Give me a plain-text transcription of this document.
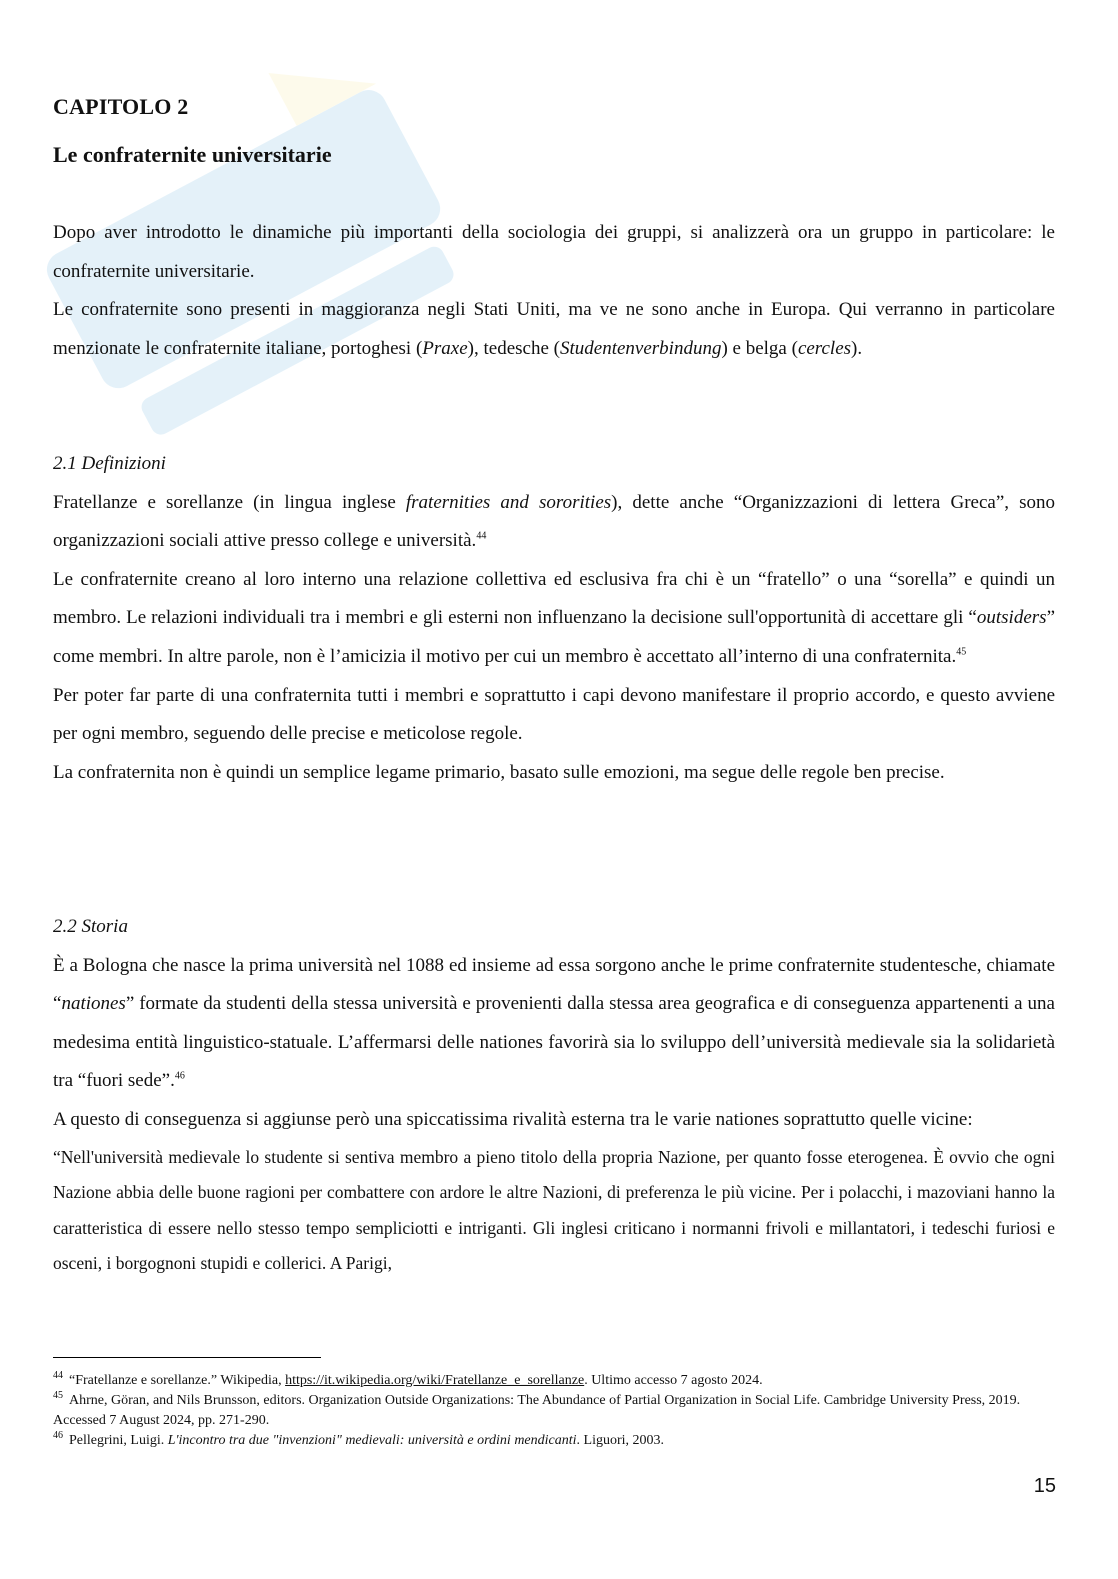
CAPITOLO 2
Le confraternite universitarie

Dopo aver introdotto le dinamiche più importanti della sociologia dei gruppi, si analizzerà ora un gruppo in particolare: le confraternite universitarie.

Le confraternite sono presenti in maggioranza negli Stati Uniti, ma ve ne sono anche in Europa. Qui verranno in particolare menzionate le confraternite italiane, portoghesi (Praxe), tedesche (Studentenverbindung) e belga (cercles).

2.1 Definizioni

Fratellanze e sorellanze (in lingua inglese fraternities and sororities), dette anche “Organizzazioni di lettera Greca”, sono organizzazioni sociali attive presso college e università.$^{44}$

Le confraternite creano al loro interno una relazione collettiva ed esclusiva fra chi è un “fratello” o una “sorella” e quindi un membro. Le relazioni individuali tra i membri e gli esterni non influenzano la decisione sull'opportunità di accettare gli “outsiders” come membri. In altre parole, non è l’amicizia il motivo per cui un membro è accettato all’interno di una confraternita.$^{45}$

Per poter far parte di una confraternita tutti i membri e soprattutto i capi devono manifestare il proprio accordo, e questo avviene per ogni membro, seguendo delle precise e meticolose regole.

La confraternita non è quindi un semplice legame primario, basato sulle emozioni, ma segue delle regole ben precise.

2.2 Storia

È a Bologna che nasce la prima università nel 1088 ed insieme ad essa sorgono anche le prime confraternite studentesche, chiamate “nationes” formate da studenti della stessa università e provenienti dalla stessa area geografica e di conseguenza appartenenti a una medesima entità linguistico-statuale. L’affermarsi delle nationes favorirà sia lo sviluppo dell’università medievale sia la solidarietà tra “fuori sede”.$^{46}$

A questo di conseguenza si aggiunse però una spiccatissima rivalità esterna tra le varie nationes soprattutto quelle vicine:

“Nell'università medievale lo studente si sentiva membro a pieno titolo della propria Nazione, per quanto fosse eterogenea. È ovvio che ogni Nazione abbia delle buone ragioni per combattere con ardore le altre Nazioni, di preferenza le più vicine. Per i polacchi, i mazoviani hanno la caratteristica di essere nello stesso tempo sempliciotti e intriganti. Gli inglesi criticano i normanni frivoli e millantatori, i tedeschi furiosi e osceni, i borgognoni stupidi e collerici. A Parigi,

$^{44}$ “Fratellanze e sorellanze.” Wikipedia, https://it.wikipedia.org/wiki/Fratellanze_e_sorellanze. Ultimo accesso 7 agosto 2024.

$^{45}$ Ahrne, Göran, and Nils Brunsson, editors. Organization Outside Organizations: The Abundance of Partial Organization in Social Life. Cambridge University Press, 2019. Accessed 7 August 2024, pp. 271-290.

$^{46}$ Pellegrini, Luigi. L'incontro tra due "invenzioni" medievali: università e ordini mendicanti. Liguori, 2003.

15
